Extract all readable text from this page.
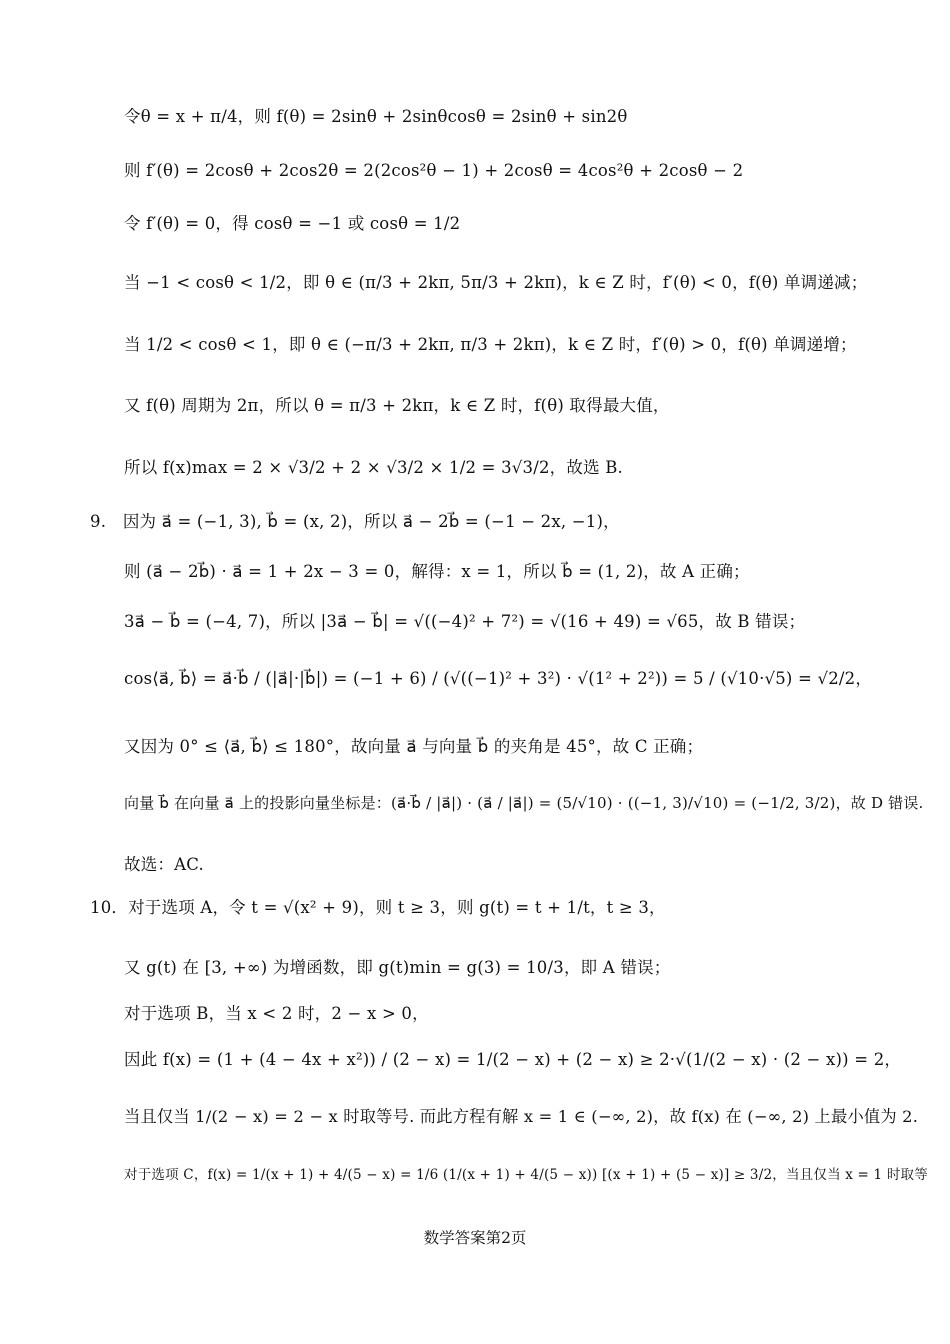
令θ = x + π/4，则 f(θ) = 2sinθ + 2sinθcosθ = 2sinθ + sin2θ
则 f′(θ) = 2cosθ + 2cos2θ = 2(2cos²θ − 1) + 2cosθ = 4cos²θ + 2cosθ − 2
令 f′(θ) = 0，得 cosθ = −1 或 cosθ = 1/2
当 −1 < cosθ < 1/2，即 θ ∈ (π/3 + 2kπ, 5π/3 + 2kπ)，k ∈ Z 时，f′(θ) < 0，f(θ) 单调递减；
当 1/2 < cosθ < 1，即 θ ∈ (−π/3 + 2kπ, π/3 + 2kπ)，k ∈ Z 时，f′(θ) > 0，f(θ) 单调递增；
又 f(θ) 周期为 2π，所以 θ = π/3 + 2kπ，k ∈ Z 时，f(θ) 取得最大值，
所以 f(x)max = 2 × √3/2 + 2 × √3/2 × 1/2 = 3√3/2，故选 B.
9.　因为 a⃗ = (−1, 3), b⃗ = (x, 2)，所以 a⃗ − 2b⃗ = (−1 − 2x, −1)，
则 (a⃗ − 2b⃗) · a⃗ = 1 + 2x − 3 = 0，解得：x = 1，所以 b⃗ = (1, 2)，故 A 正确；
3a⃗ − b⃗ = (−4, 7)，所以 |3a⃗ − b⃗| = √((−4)² + 7²) = √(16 + 49) = √65，故 B 错误；
cos⟨a⃗, b⃗⟩ = a⃗·b⃗ / (|a⃗|·|b⃗|) = (−1 + 6) / (√((−1)² + 3²) · √(1² + 2²)) = 5 / (√10·√5) = √2/2，
又因为 0° ≤ ⟨a⃗, b⃗⟩ ≤ 180°，故向量 a⃗ 与向量 b⃗ 的夹角是 45°，故 C 正确；
向量 b⃗ 在向量 a⃗ 上的投影向量坐标是：(a⃗·b⃗ / |a⃗|) · (a⃗ / |a⃗|) = (5/√10) · ((−1, 3)/√10) = (−1/2, 3/2)，故 D 错误.
故选：AC.
10．对于选项 A，令 t = √(x² + 9)，则 t ≥ 3，则 g(t) = t + 1/t，t ≥ 3，
又 g(t) 在 [3, +∞) 为增函数，即 g(t)min = g(3) = 10/3，即 A 错误；
对于选项 B，当 x < 2 时，2 − x > 0，
因此 f(x) = (1 + (4 − 4x + x²)) / (2 − x) = 1/(2 − x) + (2 − x) ≥ 2·√(1/(2 − x) · (2 − x)) = 2，
当且仅当 1/(2 − x) = 2 − x 时取等号. 而此方程有解 x = 1 ∈ (−∞, 2)，故 f(x) 在 (−∞, 2) 上最小值为 2.
对于选项 C，f(x) = 1/(x + 1) + 4/(5 − x) = 1/6 (1/(x + 1) + 4/(5 − x)) [(x + 1) + (5 − x)] ≥ 3/2，当且仅当 x = 1 时取等
数学答案第2页
